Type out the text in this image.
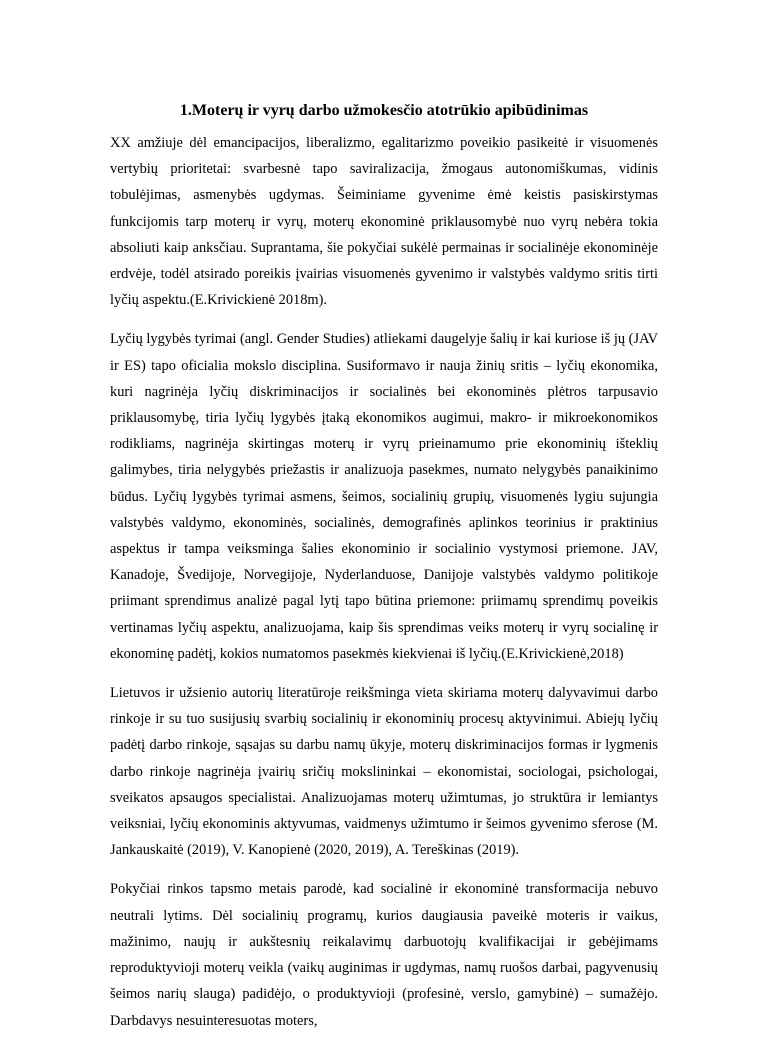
1.Moterų ir vyrų darbo užmokesčio atotrūkio apibūdinimas

XX amžiuje dėl emancipacijos, liberalizmo, egalitarizmo poveikio pasikeitė ir visuomenės vertybių prioritetai: svarbesnė tapo saviralizacija, žmogaus autonomiškumas, vidinis tobulėjimas, asmenybės ugdymas. Šeiminiame gyvenime ėmė keistis pasiskirstymas funkcijomis tarp moterų ir vyrų, moterų ekonominė priklausomybė nuo vyrų nebėra tokia absoliuti kaip anksčiau. Suprantama, šie pokyčiai sukėlė permainas ir socialinėje ekonominėje erdvėje, todėl atsirado poreikis įvairias visuomenės gyvenimo ir valstybės valdymo sritis tirti lyčių aspektu.(E.Krivickienė 2018m).

Lyčių lygybės tyrimai (angl. Gender Studies) atliekami daugelyje šalių ir kai kuriose iš jų (JAV ir ES) tapo oficialia mokslo disciplina. Susiformavo ir nauja žinių sritis – lyčių ekonomika, kuri nagrinėja lyčių diskriminacijos ir socialinės bei ekonominės plėtros tarpusavio priklausomybę, tiria lyčių lygybės įtaką ekonomikos augimui, makro- ir mikroekonomikos rodikliams, nagrinėja skirtingas moterų ir vyrų prieinamumo prie ekonominių išteklių galimybes, tiria nelygybės priežastis ir analizuoja pasekmes, numato nelygybės panaikinimo būdus. Lyčių lygybės tyrimai asmens, šeimos, socialinių grupių, visuomenės lygiu sujungia valstybės valdymo, ekonominės, socialinės, demografinės aplinkos teorinius ir praktinius aspektus ir tampa veiksminga šalies ekonominio ir socialinio vystymosi priemone. JAV, Kanadoje, Švedijoje, Norvegijoje, Nyderlanduose, Danijoje valstybės valdymo politikoje priimant sprendimus analizė pagal lytį tapo būtina priemone: priimamų sprendimų poveikis vertinamas lyčių aspektu, analizuojama, kaip šis sprendimas veiks moterų ir vyrų socialinę ir ekonominę padėtį, kokios numatomos pasekmės kiekvienai iš lyčių.(E.Krivickienė,2018)

Lietuvos ir užsienio autorių literatūroje reikšminga vieta skiriama moterų dalyvavimui darbo rinkoje ir su tuo susijusių svarbių socialinių ir ekonominių procesų aktyvinimui. Abiejų lyčių padėtį darbo rinkoje, sąsajas su darbu namų ūkyje, moterų diskriminacijos formas ir lygmenis darbo rinkoje nagrinėja įvairių sričių mokslininkai – ekonomistai, sociologai, psichologai, sveikatos apsaugos specialistai. Analizuojamas moterų užimtumas, jo struktūra ir lemiantys veiksniai, lyčių ekonominis aktyvumas, vaidmenys užimtumo ir šeimos gyvenimo sferose (M. Jankauskaitė (2019), V. Kanopienė (2020, 2019), A. Tereškinas (2019).

Pokyčiai rinkos tapsmo metais parodė, kad socialinė ir ekonominė transformacija nebuvo neutrali lytims. Dėl socialinių programų, kurios daugiausia paveikė moteris ir vaikus, mažinimo, naujų ir aukštesnių reikalavimų darbuotojų kvalifikacijai ir gebėjimams reproduktyvioji moterų veikla (vaikų auginimas ir ugdymas, namų ruošos darbai, pagyvenusių šeimos narių slauga) padidėjo, o produktyvioji (profesinė, verslo, gamybinė) – sumažėjo. Darbdavys nesuinteresuotas moters,
